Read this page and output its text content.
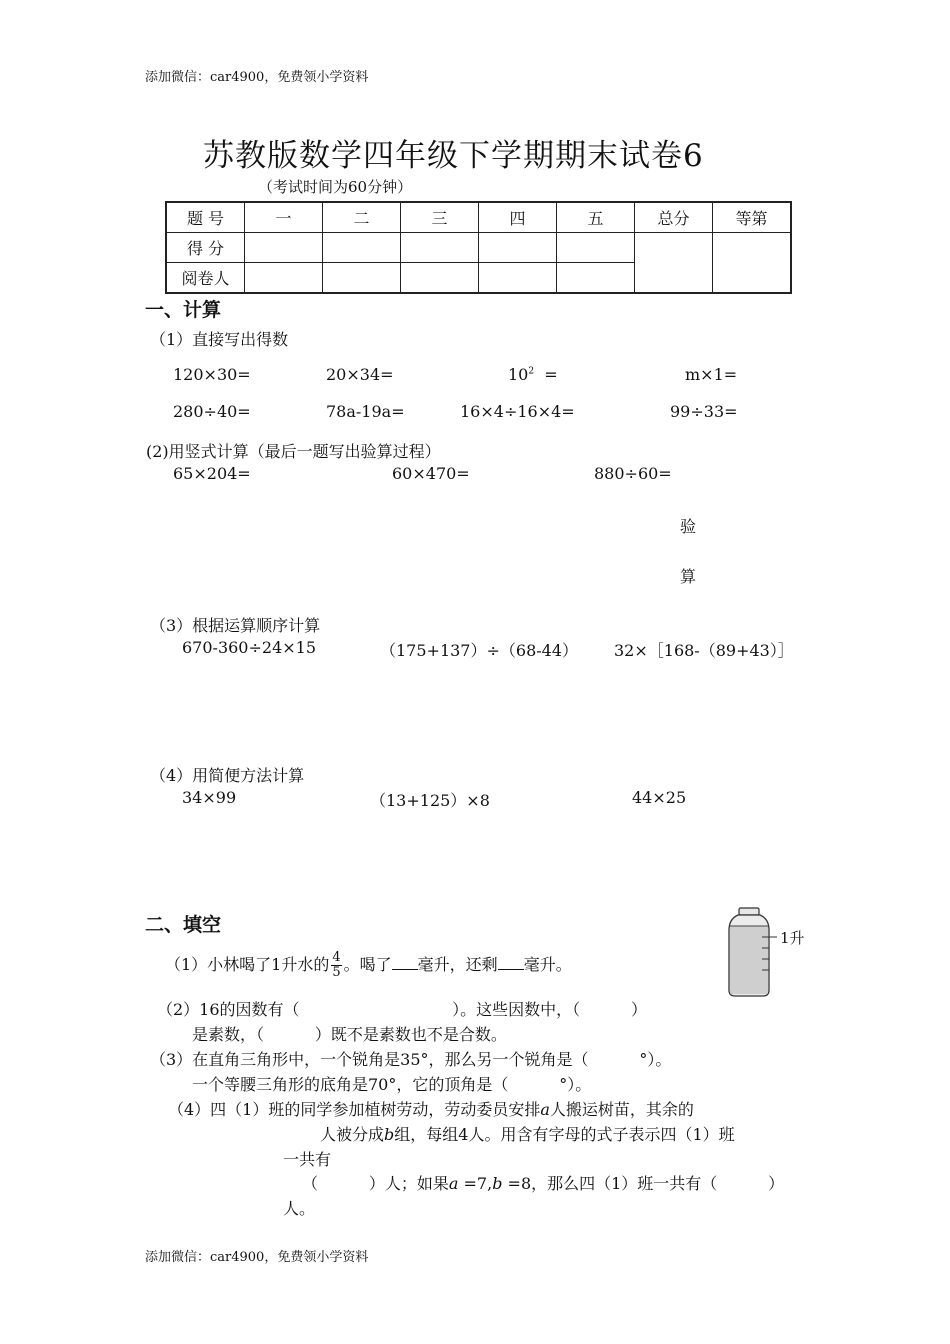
添加微信：car4900，免费领小学资料
苏教版数学四年级下学期期末试卷6
（考试时间为60分钟）
题 号	一	二	三	四	五	总分	等第
得 分							
阅卷人							
一、计算
（1）直接写出得数
120×30=	20×34=	$10^2$ =	m×1=
280÷40=	78a-19a=	16×4÷16×4=	99÷33=
(2)用竖式计算（最后一题写出验算过程）
65×204=	60×470=	880÷60=
验
算
（3）根据运算顺序计算
670-360÷24×15	（175+137）÷（68-44） 32×［168-（89+43）］
（4）用简便方法计算
34×99	（13+125）×8	44×25
二、填空
1升
（1）小林喝了1升水的 $\frac{4}{5}$ 。喝了 毫升，还剩 毫升。
（2）16的因数有（                              ）。这些因数中，（          ）
是素数，（          ）既不是素数也不是合数。
（3）在直角三角形中，一个锐角是35°，那么另一个锐角是（          °）。
一个等腰三角形的底角是70°，它的顶角是（          °）。
（4）四（1）班的同学参加植树劳动，劳动委员安排a人搬运树苗，其余的
人被分成b组，每组4人。用含有字母的式子表示四（1）班
一共有
（          ）人；如果a =7,b =8，那么四（1）班一共有（          ）
人。
添加微信：car4900，免费领小学资料
